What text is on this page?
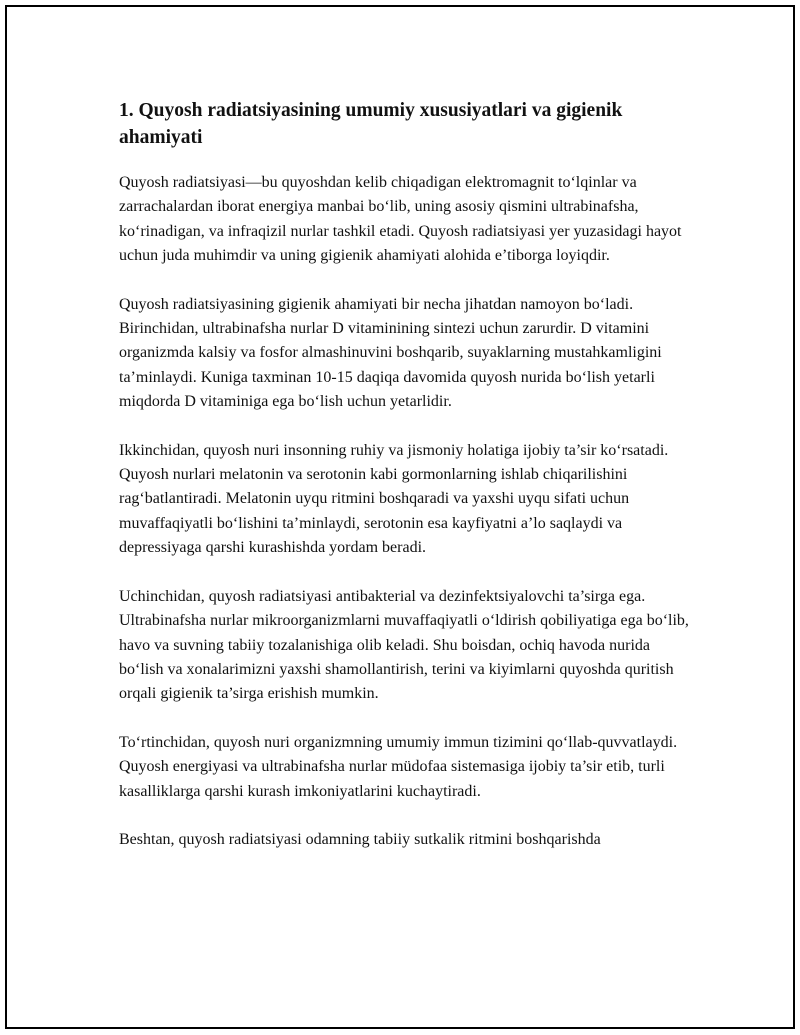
1. Quyosh radiatsiyasining umumiy xususiyatlari va gigienik ahamiyati

Quyosh radiatsiyasi—bu quyoshdan kelib chiqadigan elektromagnit to‘lqinlar va zarrachalardan iborat energiya manbai bo‘lib, uning asosiy qismini ultrabinafsha, ko‘rinadigan, va infraqizil nurlar tashkil etadi. Quyosh radiatsiyasi yer yuzasidagi hayot uchun juda muhimdir va uning gigienik ahamiyati alohida e’tiborga loyiqdir.

Quyosh radiatsiyasining gigienik ahamiyati bir necha jihatdan namoyon bo‘ladi. Birinchidan, ultrabinafsha nurlar D vitaminining sintezi uchun zarurdir. D vitamini organizmda kalsiy va fosfor almashinuvini boshqarib, suyaklarning mustahkamligini ta’minlaydi. Kuniga taxminan 10-15 daqiqa davomida quyosh nurida bo‘lish yetarli miqdorda D vitaminiga ega bo‘lish uchun yetarlidir.

Ikkinchidan, quyosh nuri insonning ruhiy va jismoniy holatiga ijobiy ta’sir ko‘rsatadi. Quyosh nurlari melatonin va serotonin kabi gormonlarning ishlab chiqarilishini rag‘batlantiradi. Melatonin uyqu ritmini boshqaradi va yaxshi uyqu sifati uchun muvaffaqiyatli bo‘lishini ta’minlaydi, serotonin esa kayfiyatni a’lo saqlaydi va depressiyaga qarshi kurashishda yordam beradi.

Uchinchidan, quyosh radiatsiyasi antibakterial va dezinfektsiyalovchi ta’sirga ega. Ultrabinafsha nurlar mikroorganizmlarni muvaffaqiyatli o‘ldirish qobiliyatiga ega bo‘lib, havo va suvning tabiiy tozalanishiga olib keladi. Shu boisdan, ochiq havoda nurida bo‘lish va xonalarimizni yaxshi shamollantirish, terini va kiyimlarni quyoshda quritish orqali gigienik ta’sirga erishish mumkin.

To‘rtinchidan, quyosh nuri organizmning umumiy immun tizimini qo‘llab-quvvatlaydi. Quyosh energiyasi va ultrabinafsha nurlar müdofaa sistemasiga ijobiy ta’sir etib, turli kasalliklarga qarshi kurash imkoniyatlarini kuchaytiradi.

Beshtan, quyosh radiatsiyasi odamning tabiiy sutkalik ritmini boshqarishda
